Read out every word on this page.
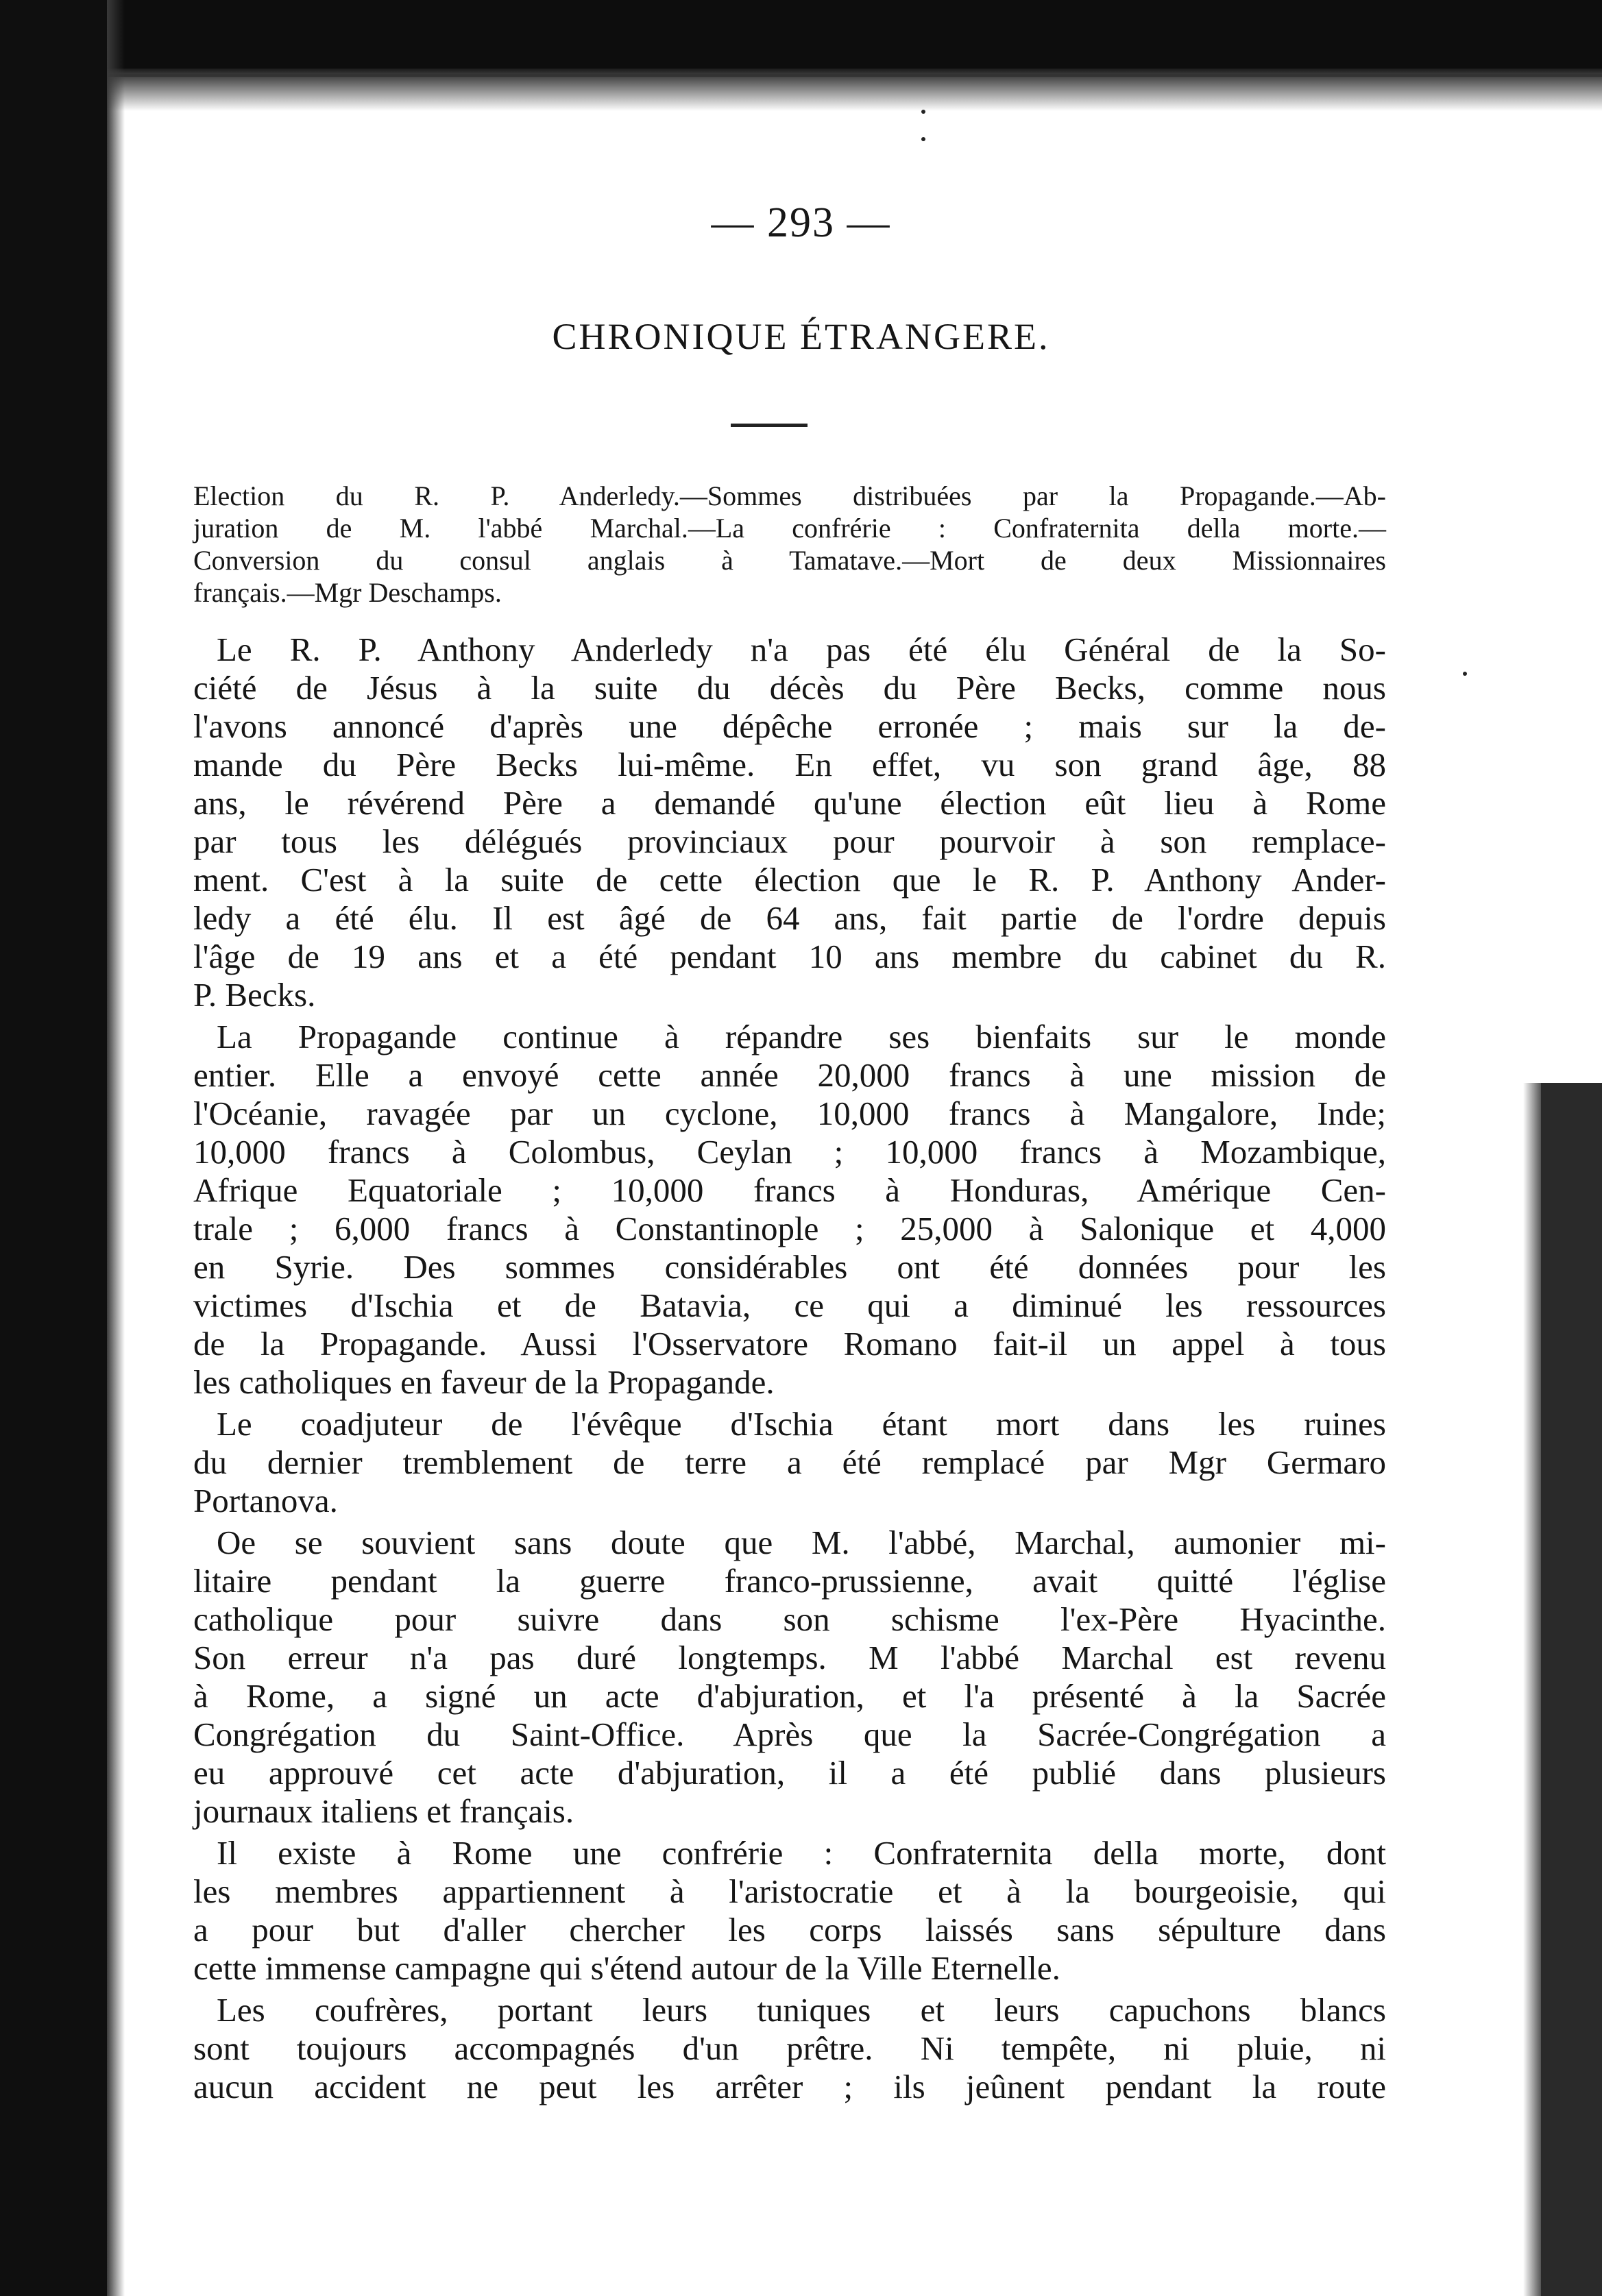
— 293 —
CHRONIQUE ÉTRANGERE.
Election du R. P. Anderledy.—Sommes distribuées par la Propagande.—Ab-
juration de M. l'abbé Marchal.—La confrérie : Confraternita della morte.—
Conversion du consul anglais à Tamatave.—Mort de deux Missionnaires
français.—Mgr Deschamps.
Le R. P. Anthony Anderledy n'a pas été élu Général de la So-
ciété de Jésus à la suite du décès du Père Becks, comme nous
l'avons annoncé d'après une dépêche erronée ; mais sur la de-
mande du Père Becks lui-même. En effet, vu son grand âge, 88
ans, le révérend Père a demandé qu'une élection eût lieu à Rome
par tous les délégués provinciaux pour pourvoir à son remplace-
ment. C'est à la suite de cette élection que le R. P. Anthony Ander-
ledy a été élu. Il est âgé de 64 ans, fait partie de l'ordre depuis
l'âge de 19 ans et a été pendant 10 ans membre du cabinet du R.
P. Becks.
La Propagande continue à répandre ses bienfaits sur le monde
entier. Elle a envoyé cette année 20,000 francs à une mission de
l'Océanie, ravagée par un cyclone, 10,000 francs à Mangalore, Inde;
10,000 francs à Colombus, Ceylan ; 10,000 francs à Mozambique,
Afrique Equatoriale ; 10,000 francs à Honduras, Amérique Cen-
trale ; 6,000 francs à Constantinople ; 25,000 à Salonique et 4,000
en Syrie. Des sommes considérables ont été données pour les
victimes d'Ischia et de Batavia, ce qui a diminué les ressources
de la Propagande. Aussi l'Osservatore Romano fait-il un appel à tous
les catholiques en faveur de la Propagande.
Le coadjuteur de l'évêque d'Ischia étant mort dans les ruines
du dernier tremblement de terre a été remplacé par Mgr Germaro
Portanova.
Oe se souvient sans doute que M. l'abbé, Marchal, aumonier mi-
litaire pendant la guerre franco-prussienne, avait quitté l'église
catholique pour suivre dans son schisme l'ex-Père Hyacinthe.
Son erreur n'a pas duré longtemps. M l'abbé Marchal est revenu
à Rome, a signé un acte d'abjuration, et l'a présenté à la Sacrée
Congrégation du Saint-Office. Après que la Sacrée-Congrégation a
eu approuvé cet acte d'abjuration, il a été publié dans plusieurs
journaux italiens et français.
Il existe à Rome une confrérie : Confraternita della morte, dont
les membres appartiennent à l'aristocratie et à la bourgeoisie, qui
a pour but d'aller chercher les corps laissés sans sépulture dans
cette immense campagne qui s'étend autour de la Ville Eternelle.
Les coufrères, portant leurs tuniques et leurs capuchons blancs
sont toujours accompagnés d'un prêtre. Ni tempête, ni pluie, ni
aucun accident ne peut les arrêter ; ils jeûnent pendant la route
